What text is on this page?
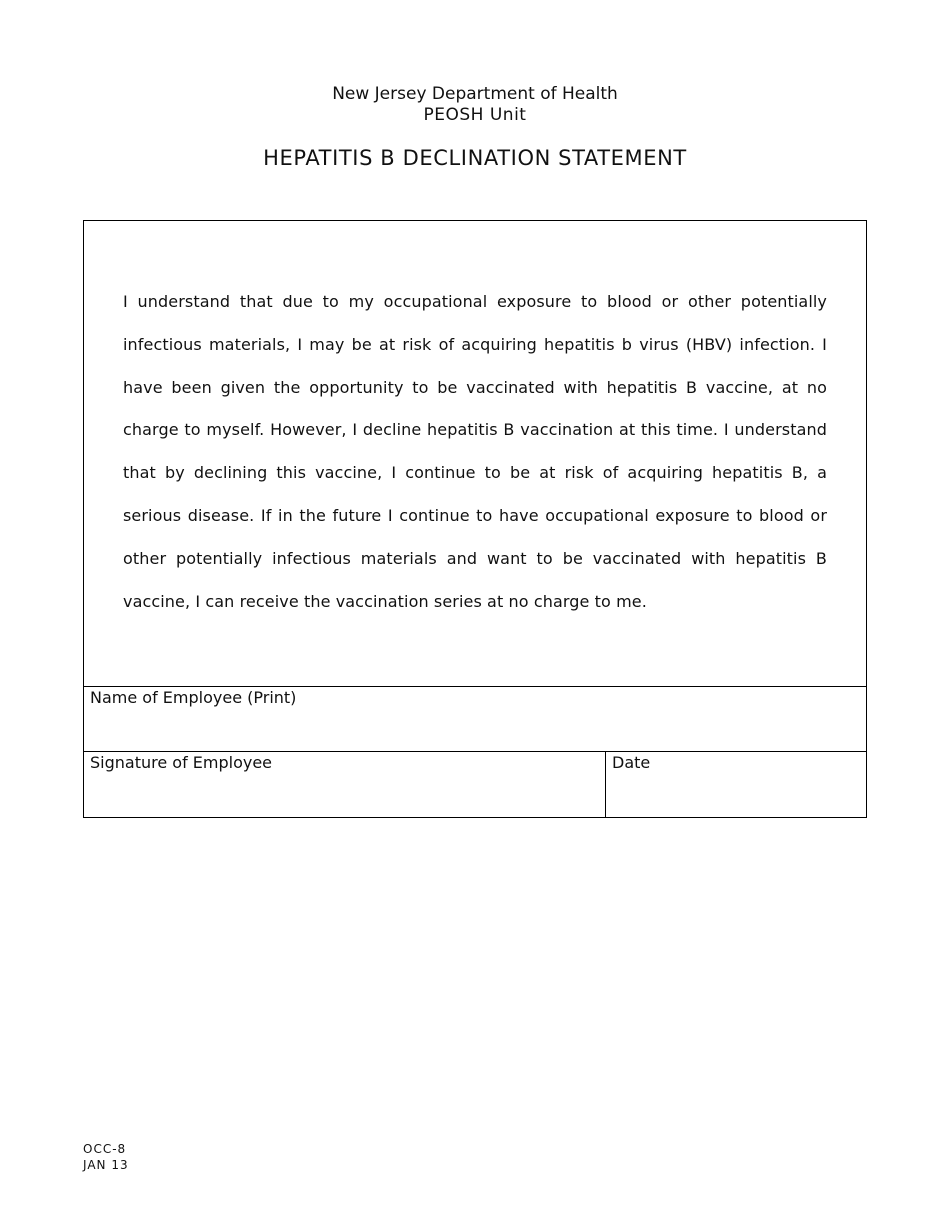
New Jersey Department of Health
PEOSH Unit
HEPATITIS B DECLINATION STATEMENT

I understand that due to my occupational exposure to blood or other potentially infectious materials, I may be at risk of acquiring hepatitis b virus (HBV) infection. I have been given the opportunity to be vaccinated with hepatitis B vaccine, at no charge to myself. However, I decline hepatitis B vaccination at this time. I understand that by declining this vaccine, I continue to be at risk of acquiring hepatitis B, a serious disease. If in the future I continue to have occupational exposure to blood or other potentially infectious materials and want to be vaccinated with hepatitis B vaccine, I can receive the vaccination series at no charge to me.

Name of Employee (Print)
Signature of Employee	Date
OCC-8
JAN 13
